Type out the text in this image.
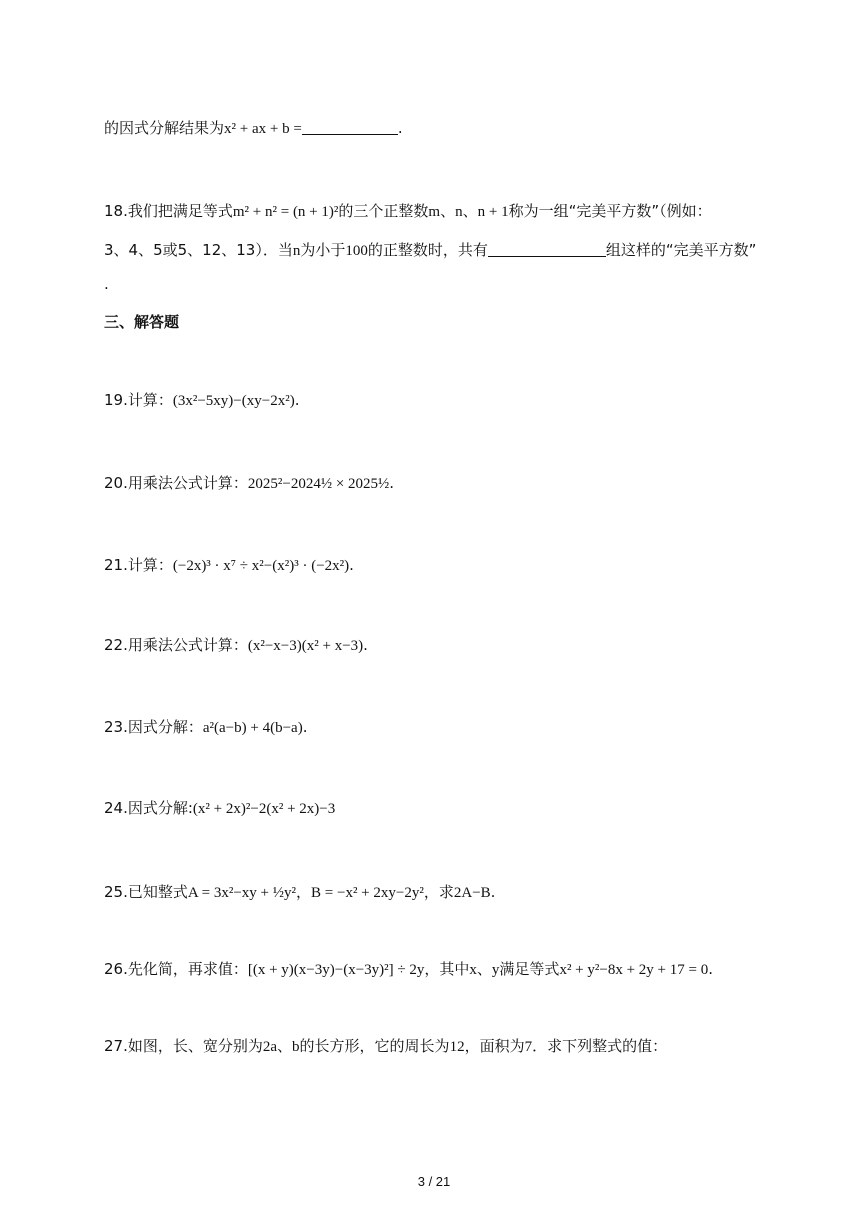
的因式分解结果为x² + ax + b =	.
18.我们把满足等式m² + n² = (n + 1)²的三个正整数m、n、n + 1称为一组“完美平方数”（例如：
3、4、5或5、12、13）．当n为小于100的正整数时，共有	组这样的“完美平方数”
.
三、解答题
19.计算：(3x²−5xy)−(xy−2x²).
20.用乘法公式计算：2025²−2024½ × 2025½.
21.计算：(−2x)³ · x⁷ ÷ x²−(x²)³ · (−2x²).
22.用乘法公式计算：(x²−x−3)(x² + x−3).
23.因式分解：a²(a−b) + 4(b−a).
24.因式分解:(x² + 2x)²−2(x² + 2x)−3
25.已知整式A = 3x²−xy + ½y²，B = −x² + 2xy−2y²，求2A−B.
26.先化简，再求值：[(x + y)(x−3y)−(x−3y)²] ÷ 2y，其中x、y满足等式x² + y²−8x + 2y + 17 = 0.
27.如图，长、宽分别为2a、b的长方形，它的周长为12，面积为7．求下列整式的值：
3 / 21
